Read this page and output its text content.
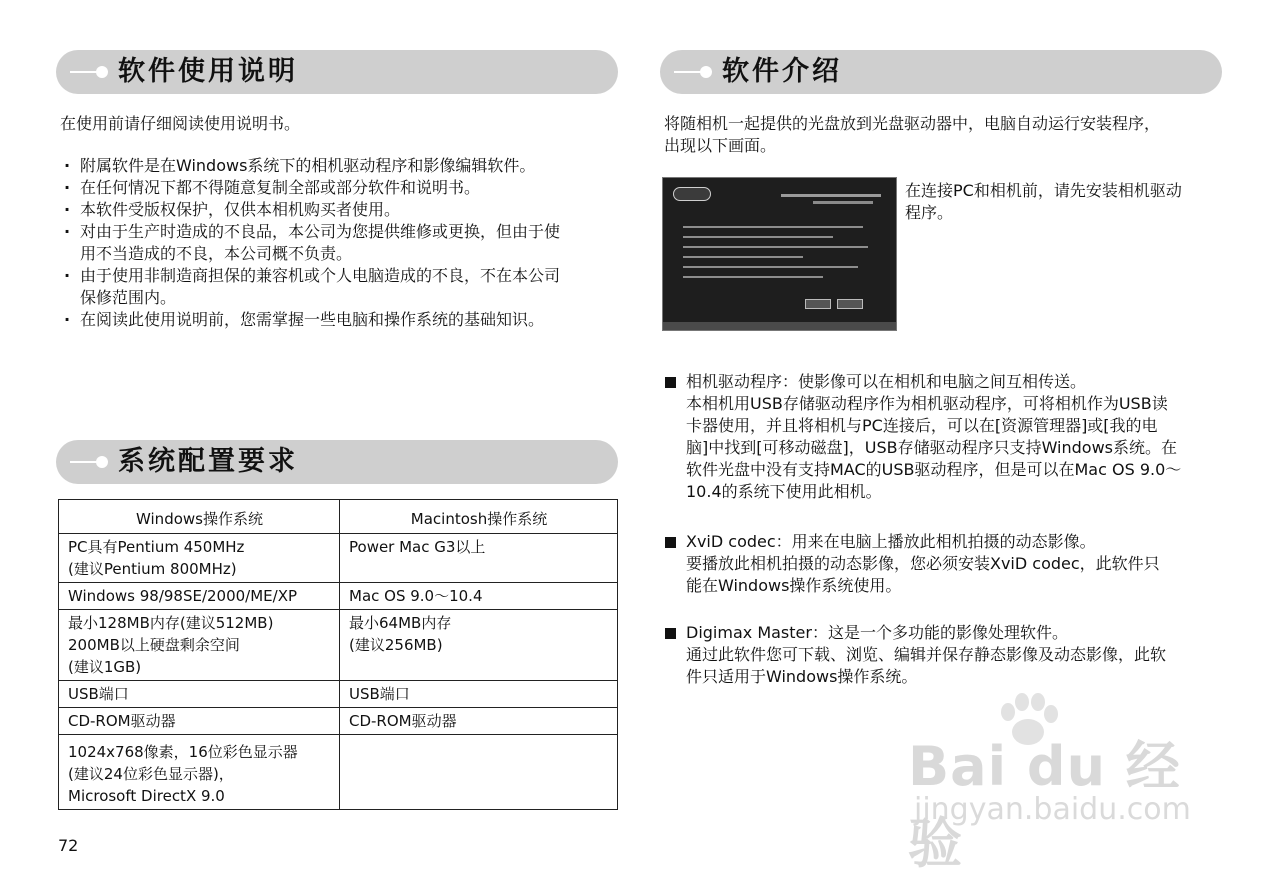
软件使用说明
在使用前请仔细阅读使用说明书。
· 附属软件是在Windows系统下的相机驱动程序和影像编辑软件。
· 在任何情况下都不得随意复制全部或部分软件和说明书。
· 本软件受版权保护，仅供本相机购买者使用。
· 对由于生产时造成的不良品，本公司为您提供维修或更换，但由于使
用不当造成的不良，本公司概不负责。
· 由于使用非制造商担保的兼容机或个人电脑造成的不良，不在本公司
保修范围内。
· 在阅读此使用说明前，您需掌握一些电脑和操作系统的基础知识。
系统配置要求
Windows操作系统	Macintosh操作系统

PC具有Pentium 450MHz
(建议Pentium 800MHz)	Power Mac G3以上

Windows 98/98SE/2000/ME/XP	Mac OS 9.0～10.4

最小128MB内存(建议512MB)
200MB以上硬盘剩余空间
(建议1GB)	最小64MB内存
(建议256MB)

USB端口	USB端口

CD-ROM驱动器	CD-ROM驱动器

1024x768像素，16位彩色显示器
(建议24位彩色显示器)，
Microsoft DirectX 9.0	

72
软件介绍
将随相机一起提供的光盘放到光盘驱动器中，电脑自动运行安装程序，
出现以下画面。
在连接PC和相机前，请先安装相机驱动
程序。
相机驱动程序：使影像可以在相机和电脑之间互相传送。
本相机用USB存储驱动程序作为相机驱动程序，可将相机作为USB读
卡器使用，并且将相机与PC连接后，可以在[资源管理器]或[我的电
脑]中找到[可移动磁盘]，USB存储驱动程序只支持Windows系统。在
软件光盘中没有支持MAC的USB驱动程序，但是可以在Mac OS 9.0～
10.4的系统下使用此相机。
XviD codec：用来在电脑上播放此相机拍摄的动态影像。
要播放此相机拍摄的动态影像，您必须安装XviD codec，此软件只
能在Windows操作系统使用。
Digimax Master：这是一个多功能的影像处理软件。
通过此软件您可下载、浏览、编辑并保存静态影像及动态影像，此软
件只适用于Windows操作系统。
Bai du 经验
jingyan.baidu.com
